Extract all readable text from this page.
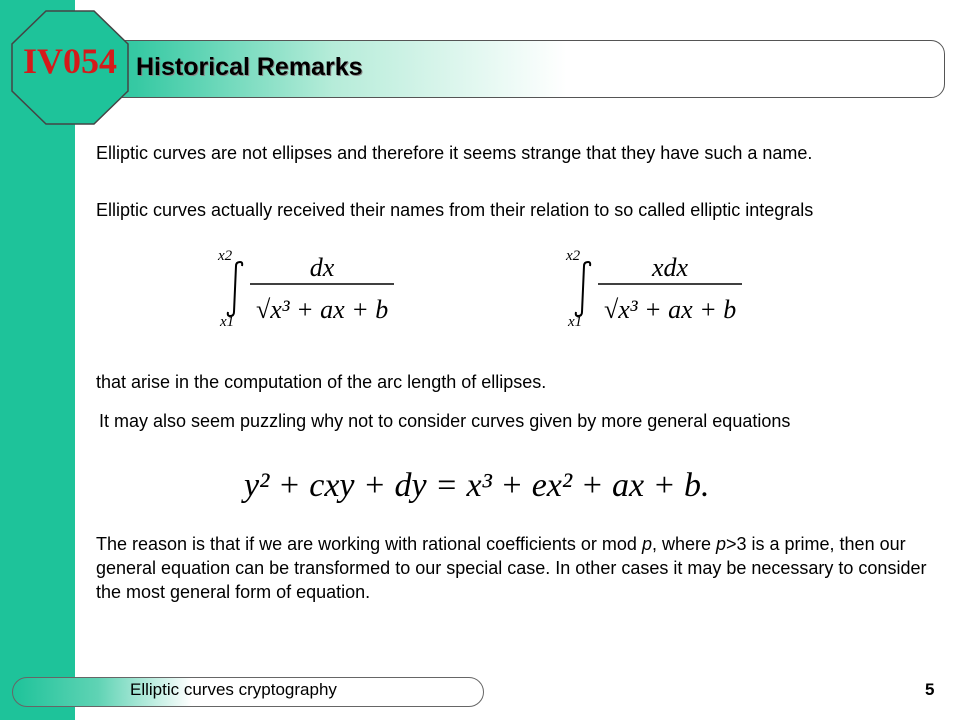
IV054 Historical Remarks

Elliptic curves are not ellipses and therefore it seems strange that they have such a name.

Elliptic curves actually received their names from their relation to so called elliptic integrals

x2
x1
dx
√x³ + ax + b
x2
x1
xdx
√x³ + ax + b

that arise in the computation of the arc length of ellipses.

It may also seem puzzling why not to consider curves given by more general equations

y² + cxy + dy = x³ + ex² + ax + b.

The reason is that if we are working with rational coefficients or mod p, where p>3 is a prime, then our general equation can be transformed to our special case. In other cases it may be necessary to consider the most general form of equation.

Elliptic curves cryptography	5
